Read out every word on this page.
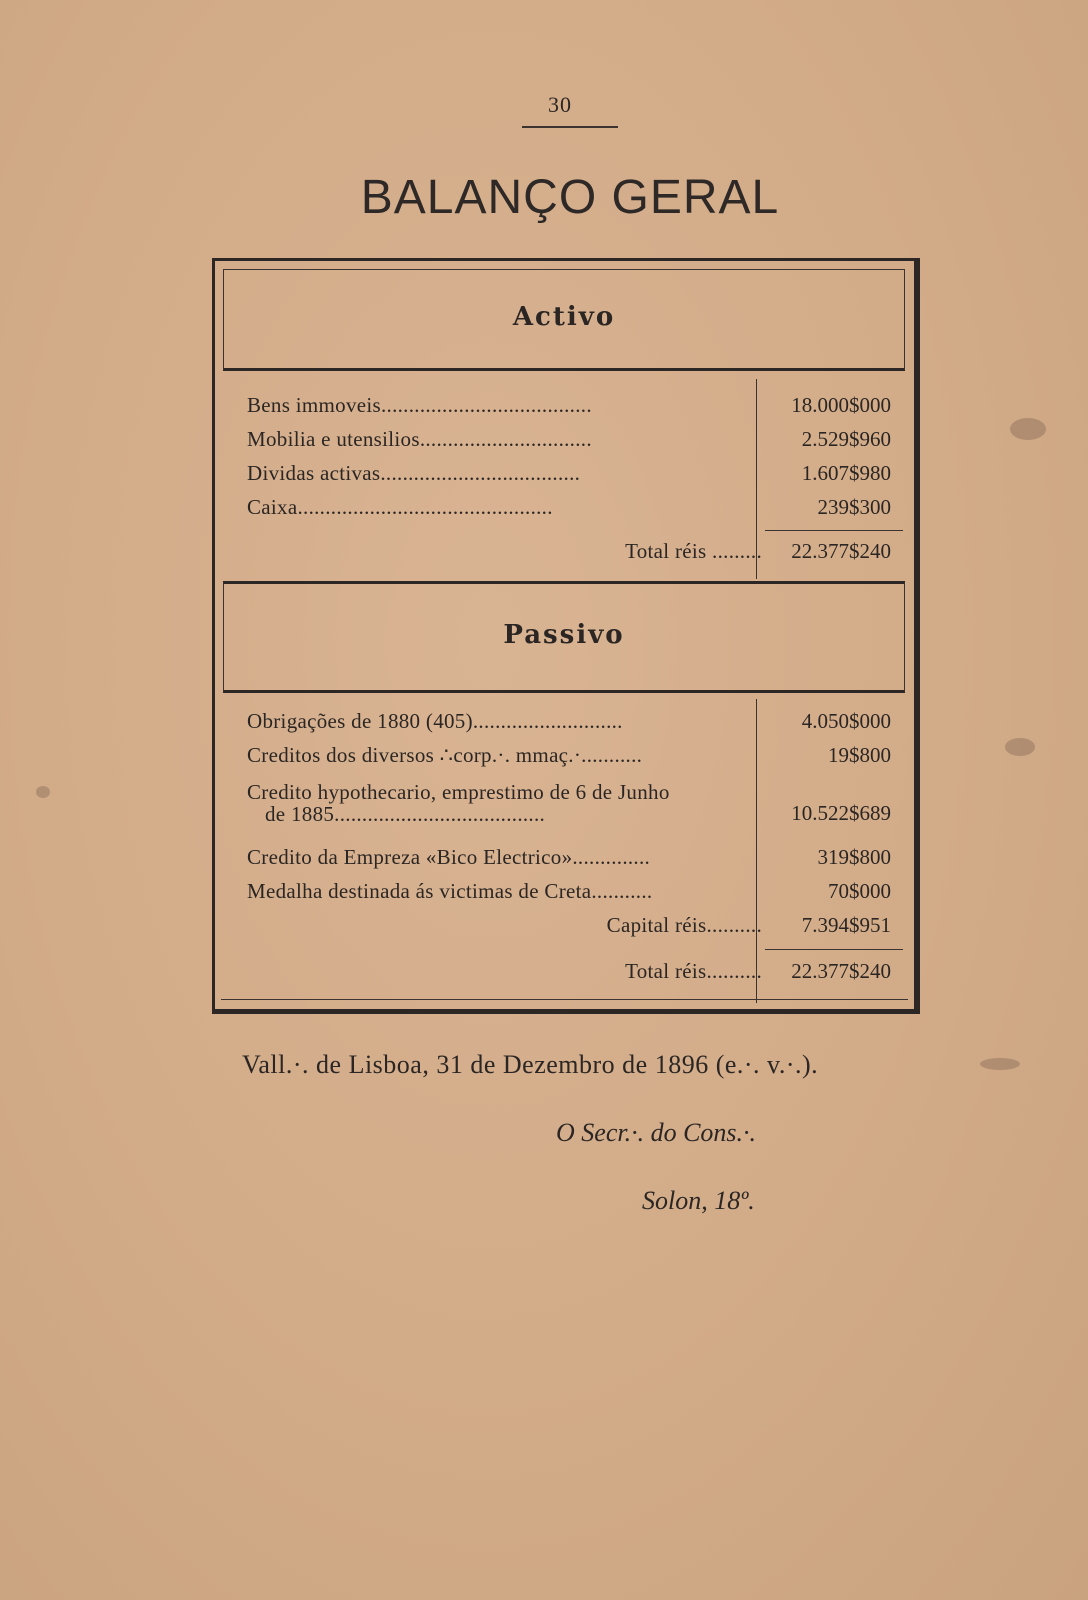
30
BALANÇO GERAL
Activo
Bens immoveis......................................	18.000$000
Mobilia e utensilios...............................	2.529$960
Dividas activas....................................	1.607$980
Caixa..............................................	239$300
Total réis .........	22.377$240
Passivo
Obrigações de 1880 (405)...........................	4.050$000
Creditos dos diversos ∴corp.·. mmaç.·...........	19$800
Credito hypothecario, emprestimo de 6 de Junho
de 1885......................................	10.522$689
Credito da Empreza «Bico Electrico»..............	319$800
Medalha destinada ás victimas de Creta...........	70$000
Capital réis..........	7.394$951
Total réis..........	22.377$240
Vall.·. de Lisboa, 31 de Dezembro de 1896 (e.·. v.·.).
O Secr.·. do Cons.·.
Solon, 18º.
